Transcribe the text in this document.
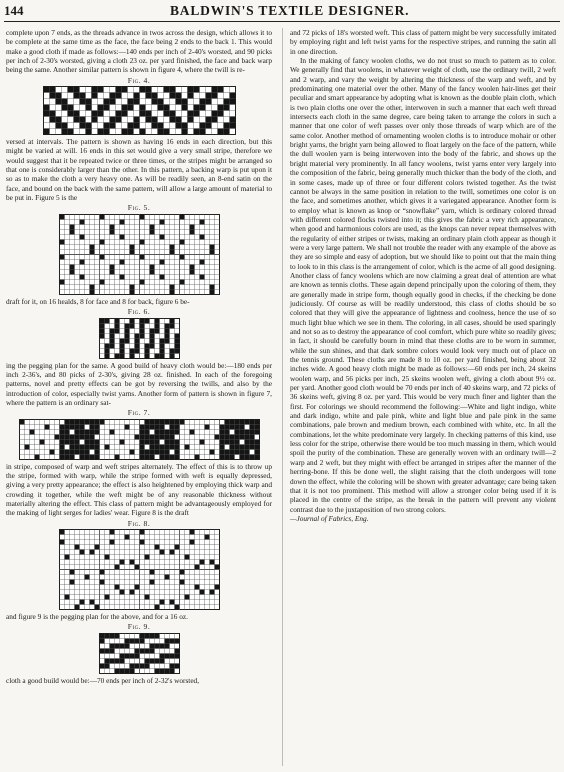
144	BALDWIN'S TEXTILE DESIGNER.

complete upon 7 ends, as the threads advance in twos across the design, which allows it to be complete at the same time as the face, the face being 2 ends to the back 1. This would make a good cloth if made as follows:—140 ends per inch of 2-40's worsted, and 90 picks per inch of 2-30's worsted, giving a cloth 23 oz. per yard finished, the face and back warp being the same. Another similar pattern is shown in figure 4, where the twill is re-

Fig. 4.

versed at intervals. The pattern is shown as having 16 ends in each direction, but this might be varied at will. 16 ends in this set would give a very small stripe, therefore we would suggest that it be repeated twice or three times, or the stripes might be arranged so that one is considerably larger than the other. In this pattern, a backing warp is put upon it so as to make the cloth a very heavy one. As will be readily seen, an 8-end satin on the face, and bound on the back with the same pattern, will allow a large amount of material to be put in. Figure 5 is the

Fig. 5.

draft for it, on 16 healds, 8 for face and 8 for back, figure 6 be-

Fig. 6.

ing the pegging plan for the same. A good build of heavy cloth would be:—180 ends per inch 2-36's, and 80 picks of 2-30's, giving 28 oz. finished. In each of the foregoing patterns, novel and pretty effects can be got by reversing the twills, and also by the introduction of color, especially twist yarns. Another form of pattern is shown in figure 7, where the pattern is an ordinary sat-

Fig. 7.

in stripe, composed of warp and weft stripes alternately. The effect of this is to throw up the stripe, formed with warp, while the stripe formed with weft is equally depressed, giving a very pretty appearance; the effect is also heightened by employing thick warp and crowding it together, while the weft might be of any reasonable thickness without materially altering the effect. This class of pattern might be advantageously employed for the making of light serges for ladies' wear. Figure 8 is the draft

Fig. 8.

and figure 9 is the pegging plan for the above, and for a 16 oz.

Fig. 9.

cloth a good build would be:—70 ends per inch of 2-32's worsted,

and 72 picks of 18's worsted weft. This class of pattern might be very successfully imitated by employing right and left twist yarns for the respective stripes, and running the satin all in one direction.

In the making of fancy woolen cloths, we do not trust so much to pattern as to color. We generally find that woolens, in whatever weight of cloth, use the ordinary twill, 2 weft and 2 warp, and vary the weight by altering the thickness of the warp and weft, and by predominating one material over the other. Many of the fancy woolen hair-lines get their peculiar and smart appearance by adopting what is known as the double plain cloth, which is two plain cloths one over the other, interwoven in such a manner that each weft thread intersects each cloth in the same degree, care being taken to arrange the colors in such a manner that one color of weft passes over only those threads of warp which are of the same color. Another method of ornamenting woolen cloths is to introduce mohair or other bright yarns, the bright yarn being allowed to float largely on the face of the pattern, while the dull woolen yarn is being interwoven into the body of the fabric, and shows up the bright material very prominently. In all fancy woolens, twist yarns enter very largely into the composition of the fabric, being generally much thicker than the body of the cloth, and in some cases, made up of three or four different colors twisted together. As the twist cannot be always in the same position in relation to the twill, sometimes one color is on the face, and sometimes another, which gives it a variegated appearance. Another form is to employ what is known as knop or “snowflake” yarn, which is ordinary colored thread with different colored flocks twisted into it; this gives the fabric a very rich appearance, when good and harmonious colors are used, as the knops can never repeat themselves with the regularity of either stripes or twists, making an ordinary plain cloth appear as though it were a very large pattern. We shall not trouble the reader with any example of the above as they are so simple and easy of adoption, but we should like to point out that the main thing to look to in this class is the arrangement of color, which is the acme of all good designing. Another class of fancy woolens which are now claiming a great deal of attention are what are known as tennis cloths. These again depend principally upon the coloring of them, they are generally made in stripe form, though equally good in checks, if the checking be done judiciously. Of course as will be readily understood, this class of cloths should be so colored that they will give the appearance of lightness and coolness, hence the use of so much light blue which we see in them. The coloring, in all cases, should be used sparingly and not so as to destroy the appearance of cool comfort, which pure white so readily gives; in fact, it should be carefully bourn in mind that these cloths are to be worn in summer, while the sun shines, and that dark sombre colors would look very much out of place on the tennis ground. These cloths are made 8 to 10 oz. per yard finished, being about 32 inches wide. A good heavy cloth might be made as follows:—60 ends per inch, 24 skeins woolen warp, and 56 picks per inch, 25 skeins woolen weft, giving a cloth about 9½ oz. per yard. Another good cloth would be 70 ends per inch of 40 skeins warp, and 72 picks of 36 skeins weft, giving 8 oz. per yard. This would be very much finer and lighter than the first. For colorings we should recommend the following:—White and light indigo, white and dark indigo, white and pale pink, white and light blue and pale pink in the same combinations, pale brown and medium brown, each combined with white, etc. In all the combinations, let the white predominate very largely. In checking patterns of this kind, use less color for the stripe, otherwise there would be too much massing in them, which would spoil the purity of the combination. These are generally woven with an ordinary twill—2 warp and 2 weft, but they might with effect be arranged in stripes after the manner of the herring-bone. If this be done well, the slight raising that the cloth undergoes will tone down the effect, while the coloring will be shown with greater advantage; care being taken that it is not too prominent. This method will allow a stronger color being used if it is placed in the centre of the stripe, as the break in the pattern will prevent any violent contrast due to the juxtaposition of two strong colors.

—Journal of Fabrics, Eng.
